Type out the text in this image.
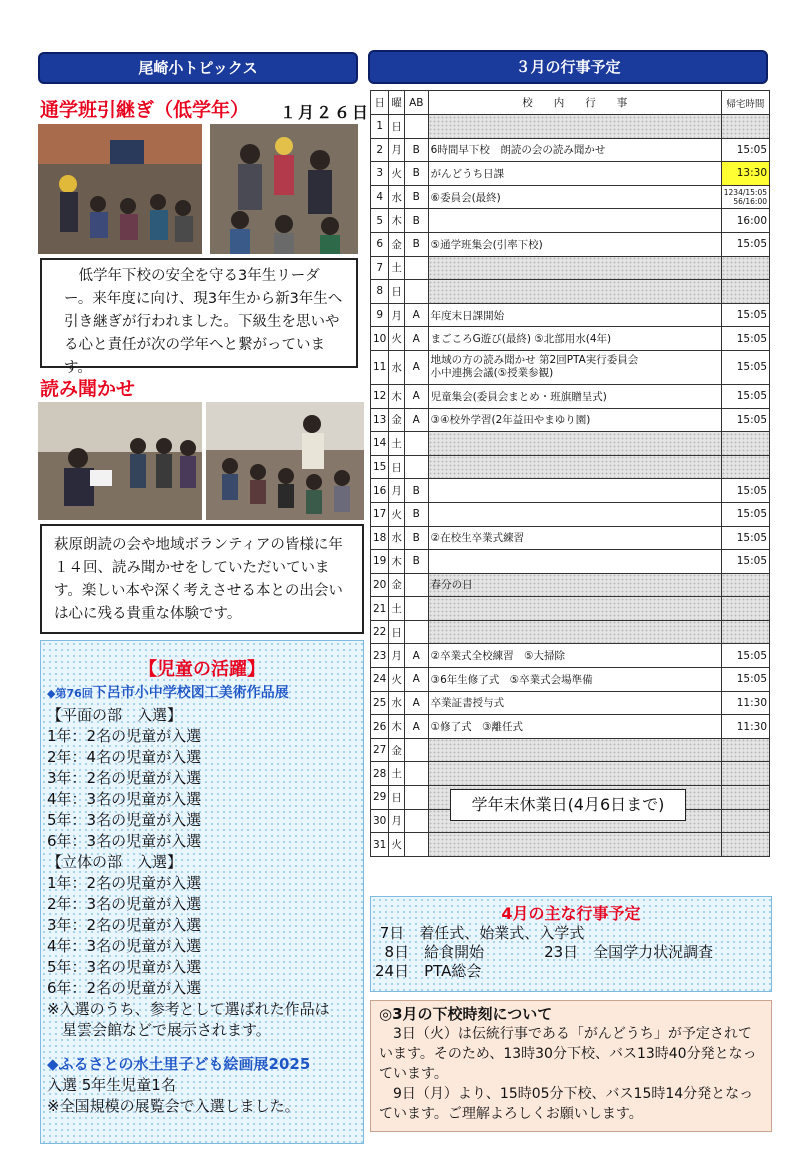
尾崎小トピックス
通学班引継ぎ（低学年） １月２６日
　低学年下校の安全を守る3年生リーダー。来年度に向け、現3年生から新3年生へ引き継ぎが行われました。下級生を思いやる心と責任が次の学年へと繋がっています。
読み聞かせ
萩原朗読の会や地域ボランティアの皆様に年１４回、読み聞かせをしていただいています。楽しい本や深く考えさせる本との出会いは心に残る貴重な体験です。
【児童の活躍】
◆第76回下呂市小中学校図工美術作品展
【平面の部　入選】
1年：2名の児童が入選
2年：4名の児童が入選
3年：2名の児童が入選
4年：3名の児童が入選
5年：3名の児童が入選
6年：3名の児童が入選
【立体の部　入選】
1年：2名の児童が入選
2年：3名の児童が入選
3年：2名の児童が入選
4年：3名の児童が入選
5年：3名の児童が入選
6年：2名の児童が入選
※入選のうち、参考として選ばれた作品は
　星雲会館などで展示されます。
◆ふるさとの水土里子ども絵画展2025
入選 5年生児童1名
※全国規模の展覧会で入選しました。
３月の行事予定
日	曜	AB	校　　内　　行　　事	帰宅時間
1	日			
2	月	B	6時間早下校　朗読の会の読み聞かせ	15:05
3	火	B	がんどうち日課	13:30
4	水	B	⑥委員会(最終)	1234/15:05
56/16:00

5	木	B		16:00
6	金	B	⑤通学班集会(引率下校)	15:05
7	土			
8	日			
9	月	A	年度末日課開始	15:05
10	火	A	まごころG遊び(最終) ⑤北部用水(4年)	15:05
11	水	A	地域の方の読み聞かせ 第2回PTA実行委員会
小中連携会議(⑤授業参観)	15:05
12	木	A	児童集会(委員会まとめ・班旗贈呈式)	15:05
13	金	A	③④校外学習(2年益田やまゆり園)	15:05
14	土			
15	日			
16	月	B		15:05
17	火	B		15:05
18	水	B	②在校生卒業式練習	15:05
19	木	B		15:05
20	金		春分の日	
21	土			
22	日			
23	月	A	②卒業式全校練習　⑤大掃除	15:05
24	火	A	③6年生修了式　⑤卒業式会場準備	15:05
25	水	A	卒業証書授与式	11:30
26	木	A	①修了式　③離任式	11:30
27	金			
28	土			
29	日			
30	月			
31	火			
学年末休業日(4月6日まで)
4月の主な行事予定
7日　着任式、始業式、入学式
8日　給食開始　　　　23日　全国学力状況調査
24日　PTA総会
◎3月の下校時刻について
　3日（火）は伝統行事である「がんどうち」が予定されています。そのため、13時30分下校、バス13時40分発となっています。
　9日（月）より、15時05分下校、バス15時14分発となっています。ご理解よろしくお願いします。
